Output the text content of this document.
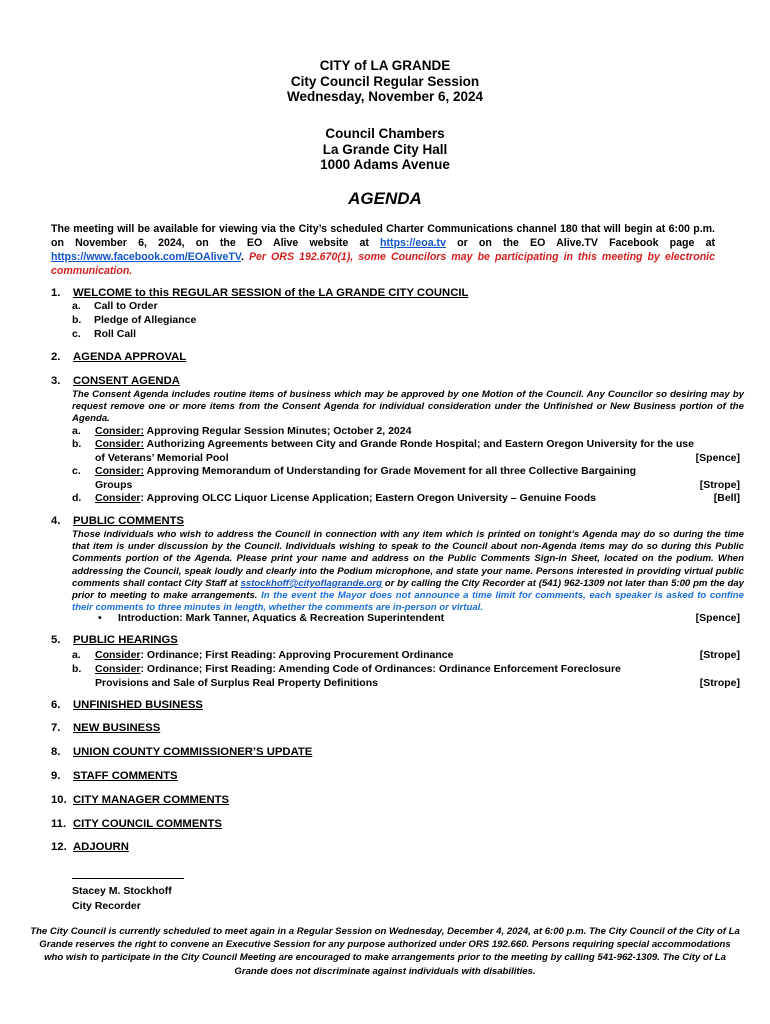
CITY of LA GRANDE
City Council Regular Session
Wednesday, November 6, 2024
Council Chambers
La Grande City Hall
1000 Adams Avenue
AGENDA
The meeting will be available for viewing via the City’s scheduled Charter Communications channel 180 that will begin at 6:00 p.m. on November 6, 2024, on the EO Alive website at https://eoa.tv or on the EO Alive.TV Facebook page at https://www.facebook.com/EOAliveTV. Per ORS 192.670(1), some Councilors may be participating in this meeting by electronic communication.
1.	WELCOME to this REGULAR SESSION of the LA GRANDE CITY COUNCIL
a. Call to Order
b. Pledge of Allegiance
c. Roll Call
2.	AGENDA APPROVAL
3.	CONSENT AGENDA
The Consent Agenda includes routine items of business which may be approved by one Motion of the Council. Any Councilor so desiring may by request remove one or more items from the Consent Agenda for individual consideration under the Unfinished or New Business portion of the Agenda.
a. Consider: Approving Regular Session Minutes; October 2, 2024
b. Consider: Authorizing Agreements between City and Grande Ronde Hospital; and Eastern Oregon University for the use of Veterans’ Memorial Pool	[Spence]
c. Consider: Approving Memorandum of Understanding for Grade Movement for all three Collective Bargaining Groups	[Strope]
d. Consider: Approving OLCC Liquor License Application; Eastern Oregon University – Genuine Foods	[Bell]
4.	PUBLIC COMMENTS
Those individuals who wish to address the Council in connection with any item which is printed on tonight’s Agenda may do so during the time that item is under discussion by the Council. Individuals wishing to speak to the Council about non-Agenda items may do so during this Public Comments portion of the Agenda. Please print your name and address on the Public Comments Sign-in Sheet, located on the podium. When addressing the Council, speak loudly and clearly into the Podium microphone, and state your name. Persons interested in providing virtual public comments shall contact City Staff at sstockhoff@cityoflagrande.org or by calling the City Recorder at (541) 962-1309 not later than 5:00 pm the day prior to meeting to make arrangements. In the event the Mayor does not announce a time limit for comments, each speaker is asked to confine their comments to three minutes in length, whether the comments are in-person or virtual.
• Introduction: Mark Tanner, Aquatics & Recreation Superintendent	[Spence]
5.	PUBLIC HEARINGS
a. Consider: Ordinance; First Reading: Approving Procurement Ordinance	[Strope]
b. Consider: Ordinance; First Reading: Amending Code of Ordinances: Ordinance Enforcement Foreclosure Provisions and Sale of Surplus Real Property Definitions	[Strope]
6.	UNFINISHED BUSINESS
7.	NEW BUSINESS
8.	UNION COUNTY COMMISSIONER’S UPDATE
9.	STAFF COMMENTS
10. CITY MANAGER COMMENTS
11. CITY COUNCIL COMMENTS
12. ADJOURN
Stacey M. Stockhoff
City Recorder
The City Council is currently scheduled to meet again in a Regular Session on Wednesday, December 4, 2024, at 6:00 p.m. The City Council of the City of La Grande reserves the right to convene an Executive Session for any purpose authorized under ORS 192.660. Persons requiring special accommodations who wish to participate in the City Council Meeting are encouraged to make arrangements prior to the meeting by calling 541-962-1309. The City of La Grande does not discriminate against individuals with disabilities.
